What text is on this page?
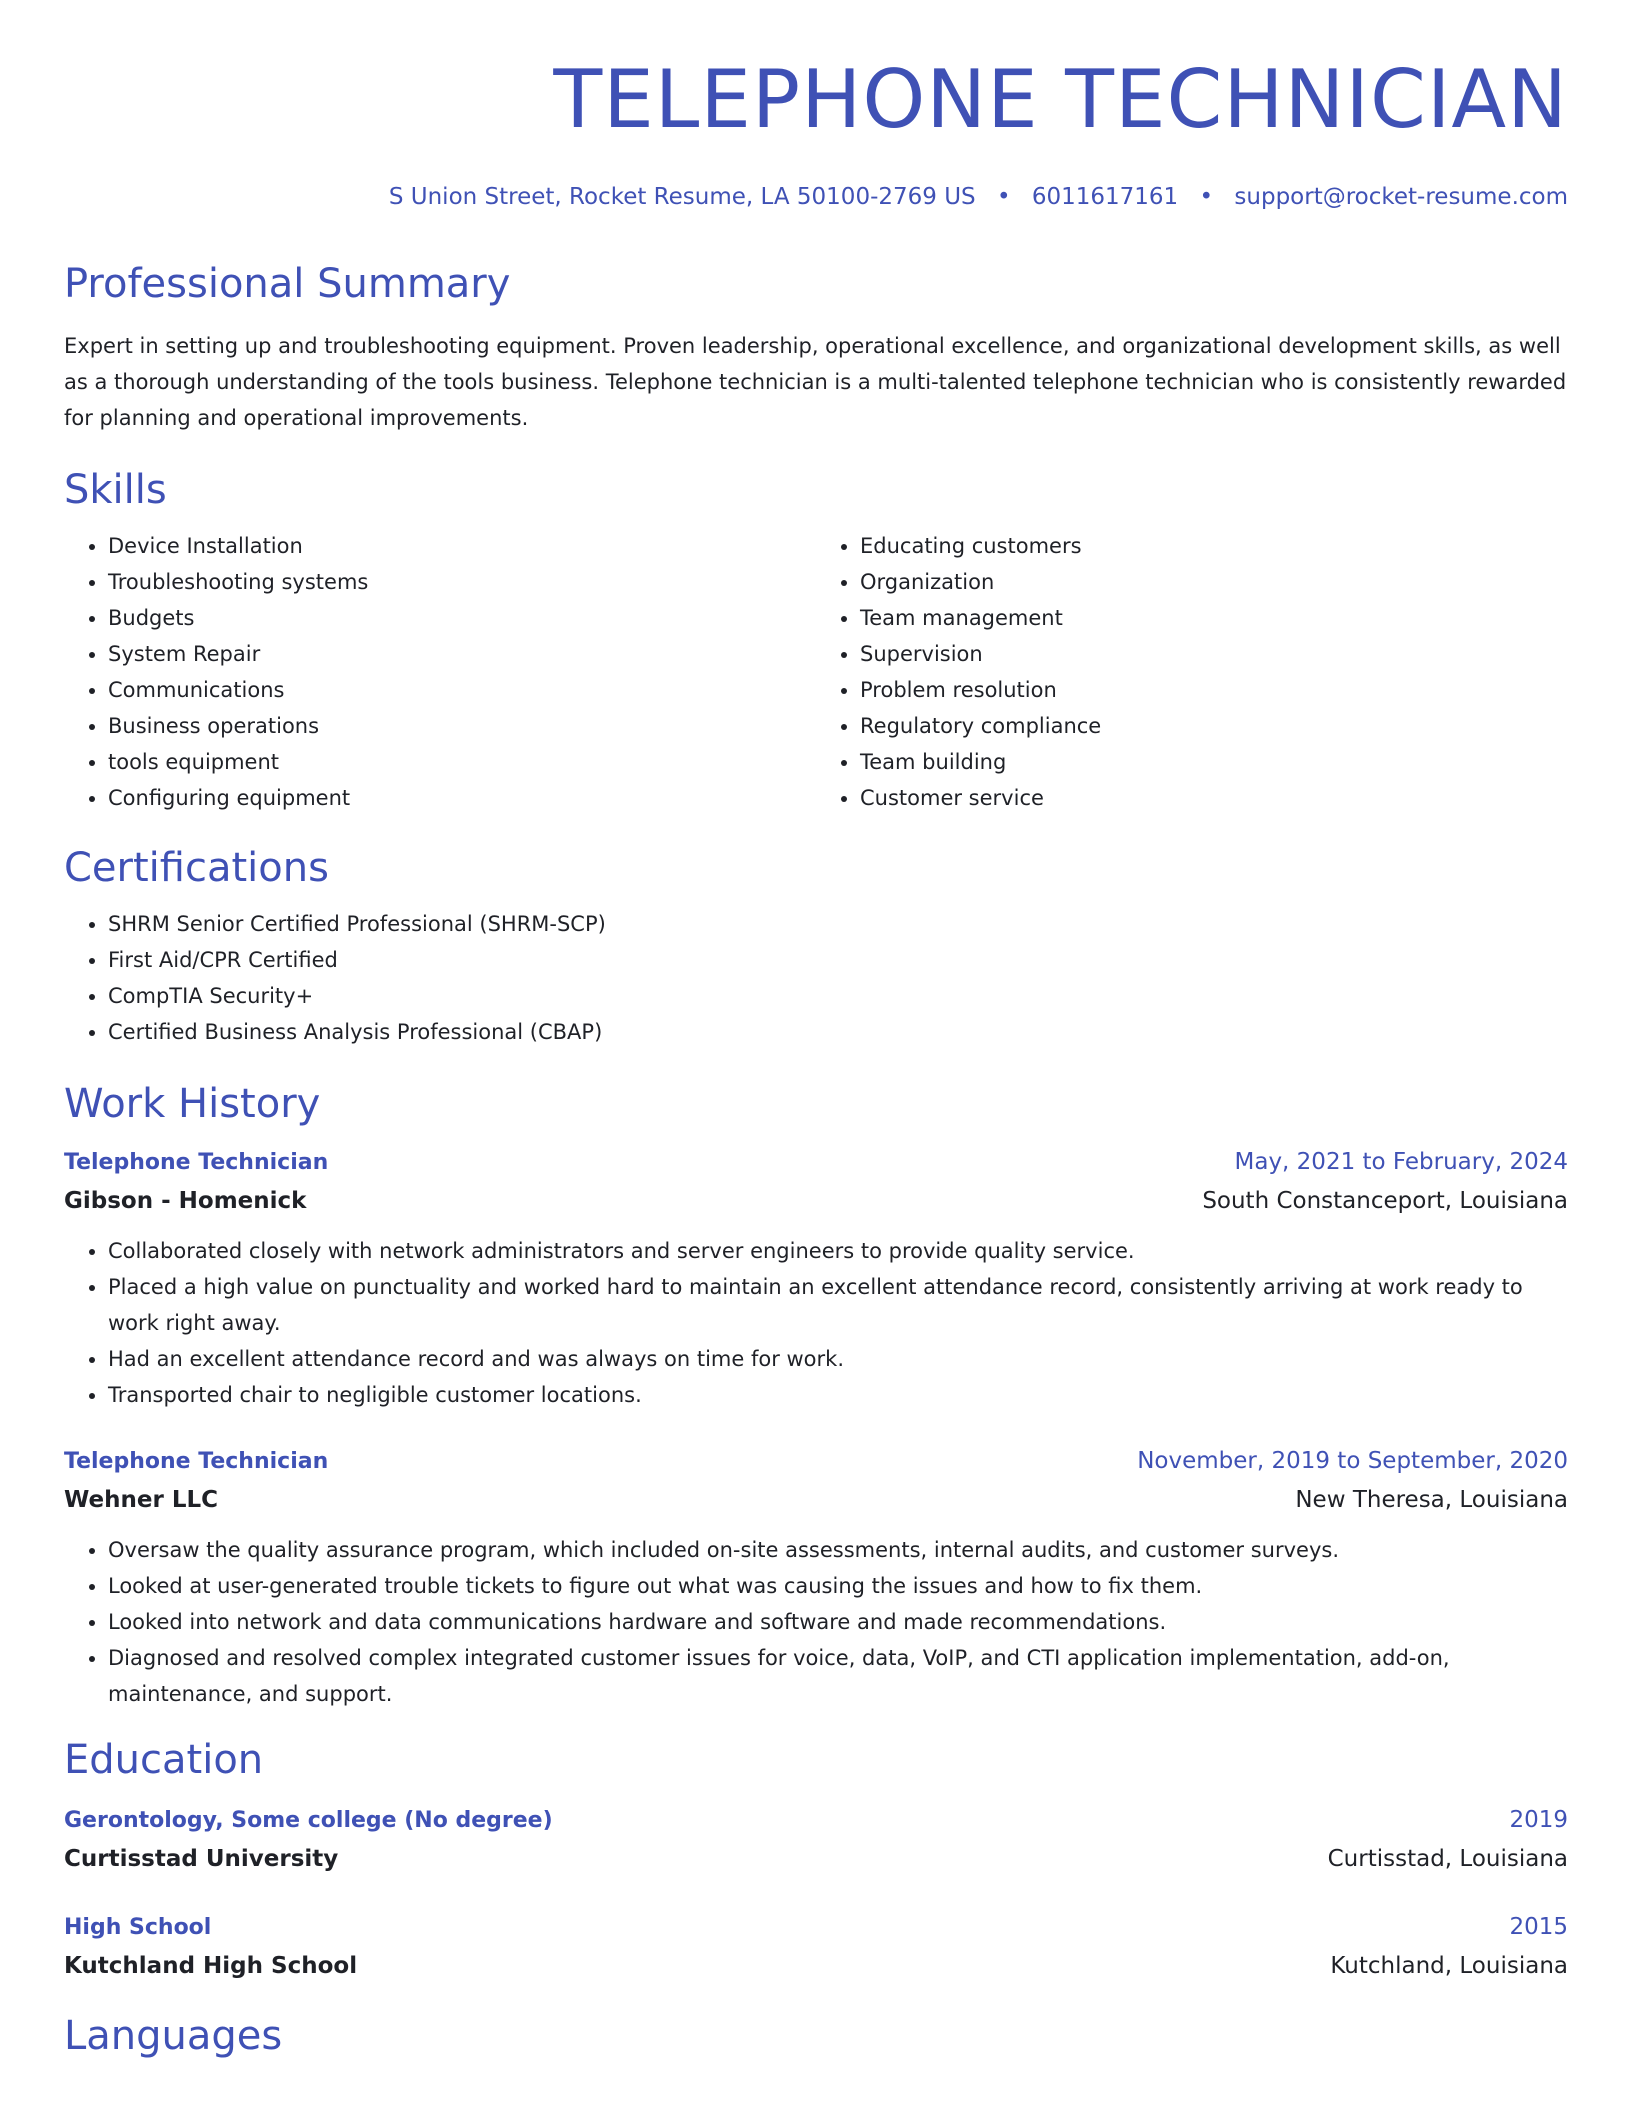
TELEPHONE TECHNICIAN
S Union Street, Rocket Resume, LA 50100-2769 US • 6011617161 • support@rocket-resume.com
Professional Summary
Expert in setting up and troubleshooting equipment. Proven leadership, operational excellence, and organizational development skills, as well as a thorough understanding of the tools business. Telephone technician is a multi-talented telephone technician who is consistently rewarded for planning and operational improvements.
Skills
• Device Installation
• Troubleshooting systems
• Budgets
• System Repair
• Communications
• Business operations
• tools equipment
• Configuring equipment
• Educating customers
• Organization
• Team management
• Supervision
• Problem resolution
• Regulatory compliance
• Team building
• Customer service
Certifications
• SHRM Senior Certified Professional (SHRM-SCP)
• First Aid/CPR Certified
• CompTIA Security+
• Certified Business Analysis Professional (CBAP)
Work History
Telephone Technician	May, 2021 to February, 2024
Gibson - Homenick	South Constanceport, Louisiana
• Collaborated closely with network administrators and server engineers to provide quality service.
• Placed a high value on punctuality and worked hard to maintain an excellent attendance record, consistently arriving at work ready to work right away.
• Had an excellent attendance record and was always on time for work.
• Transported chair to negligible customer locations.
Telephone Technician	November, 2019 to September, 2020
Wehner LLC	New Theresa, Louisiana
• Oversaw the quality assurance program, which included on-site assessments, internal audits, and customer surveys.
• Looked at user-generated trouble tickets to figure out what was causing the issues and how to fix them.
• Looked into network and data communications hardware and software and made recommendations.
• Diagnosed and resolved complex integrated customer issues for voice, data, VoIP, and CTI application implementation, add-on, maintenance, and support.
Education
Gerontology, Some college (No degree)	2019
Curtisstad University	Curtisstad, Louisiana
High School	2015
Kutchland High School	Kutchland, Louisiana
Languages
